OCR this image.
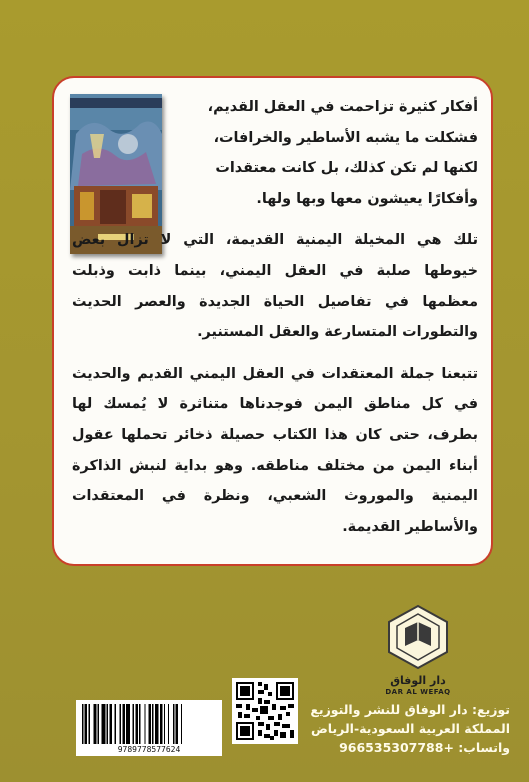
أفكار كثيرة تزاحمت في العقل القديم،
فشكلت ما يشبه الأساطير والخرافات،
لكنها لم تكن كذلك، بل كانت معتقدات
وأفكارًا يعيشون معها وبها ولها.

تلك هي المخيلة اليمنية القديمة، التي لا تزال بعض خيوطها صلبة في العقل اليمني، بينما ذابت وذبلت معظمها في تفاصيل الحياة الجديدة والعصر الحديث والتطورات المتسارعة والعقل المستنير.

تتبعنا جملة المعتقدات في العقل اليمني القديم والحديث في كل مناطق اليمن فوجدناها متناثرة لا يُمسك لها بطرف، حتى كان هذا الكتاب حصيلة ذخائر تحملها عقول أبناء اليمن من مختلف مناطقه. وهو بداية لنبش الذاكرة اليمنية والموروث الشعبي، ونظرة في المعتقدات والأساطير القديمة.

دار الوفاق
DAR AL WEFAQ
توزيع: دار الوفاق للنشر والتوزيع
المملكة العربية السعودية-الرياض
واتساب: +966535307788
9789778577624
